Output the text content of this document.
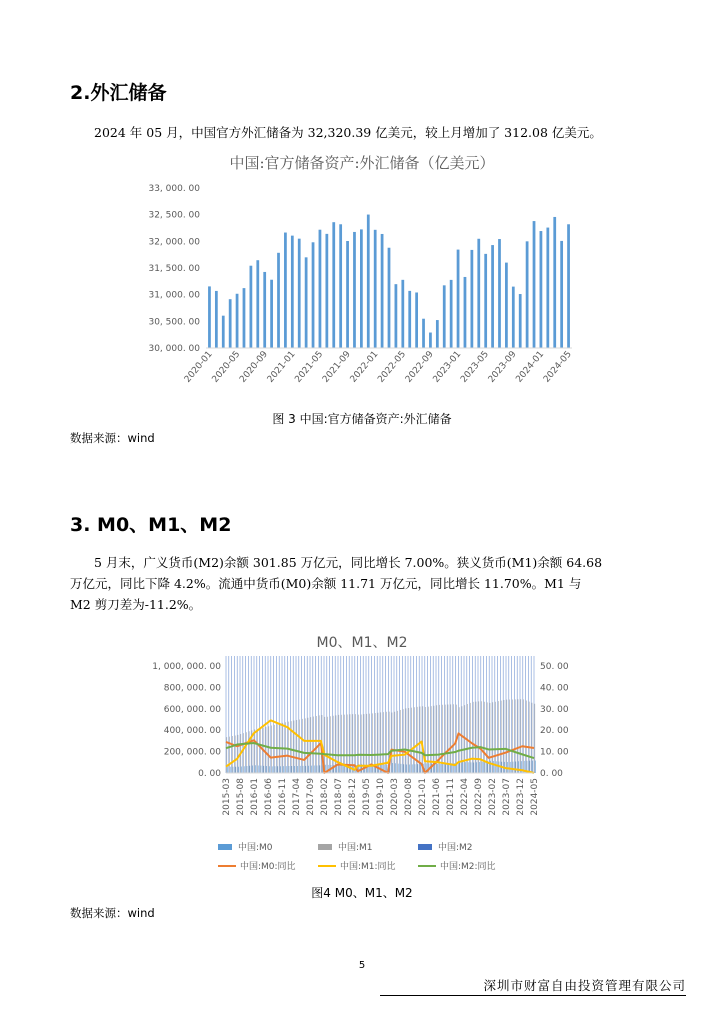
2.外汇储备
2024 年 05 月，中国官方外汇储备为 32,320.39 亿美元，较上月增加了 312.08 亿美元。
中国:官方储备资产:外汇储备（亿美元）
30, 000. 00
30, 500. 00
31, 000. 00
31, 500. 00
32, 000. 00
32, 500. 00
33, 000. 00
2020-01
2020-05
2020-09
2021-01
2021-05
2021-09
2022-01
2022-05
2022-09
2023-01
2023-05
2023-09
2024-01
2024-05
图 3 中国:官方储备资产:外汇储备
数据来源：wind
3. M0、M1、M2
5 月末，广义货币(M2)余额 301.85 万亿元，同比增长 7.00%。狭义货币(M1)余额 64.68
万亿元，同比下降 4.2%。流通中货币(M0)余额 11.71 万亿元，同比增长 11.70%。M1 与
M2 剪刀差为-11.2%。
M0、M1、M2
0. 00
200, 000. 00
400, 000. 00
600, 000. 00
800, 000. 00
1, 000, 000. 00
0. 00
10. 00
20. 00
30. 00
40. 00
50. 00
2015-03 2015-08 2016-01 2016-06 2016-11 2017-04 2017-09 2018-02 2018-07 2018-12 2019-05 2019-10 2020-03 2020-08 2021-01 2021-06 2021-11 2022-04 2022-09 2023-02 2023-07 2023-12 2024-05
中国:M0	中国:M1	中国:M2
中国:M0:同比	中国:M1:同比	中国:M2:同比
图4 M0、M1、M2
数据来源：wind
5
深圳市财富自由投资管理有限公司
